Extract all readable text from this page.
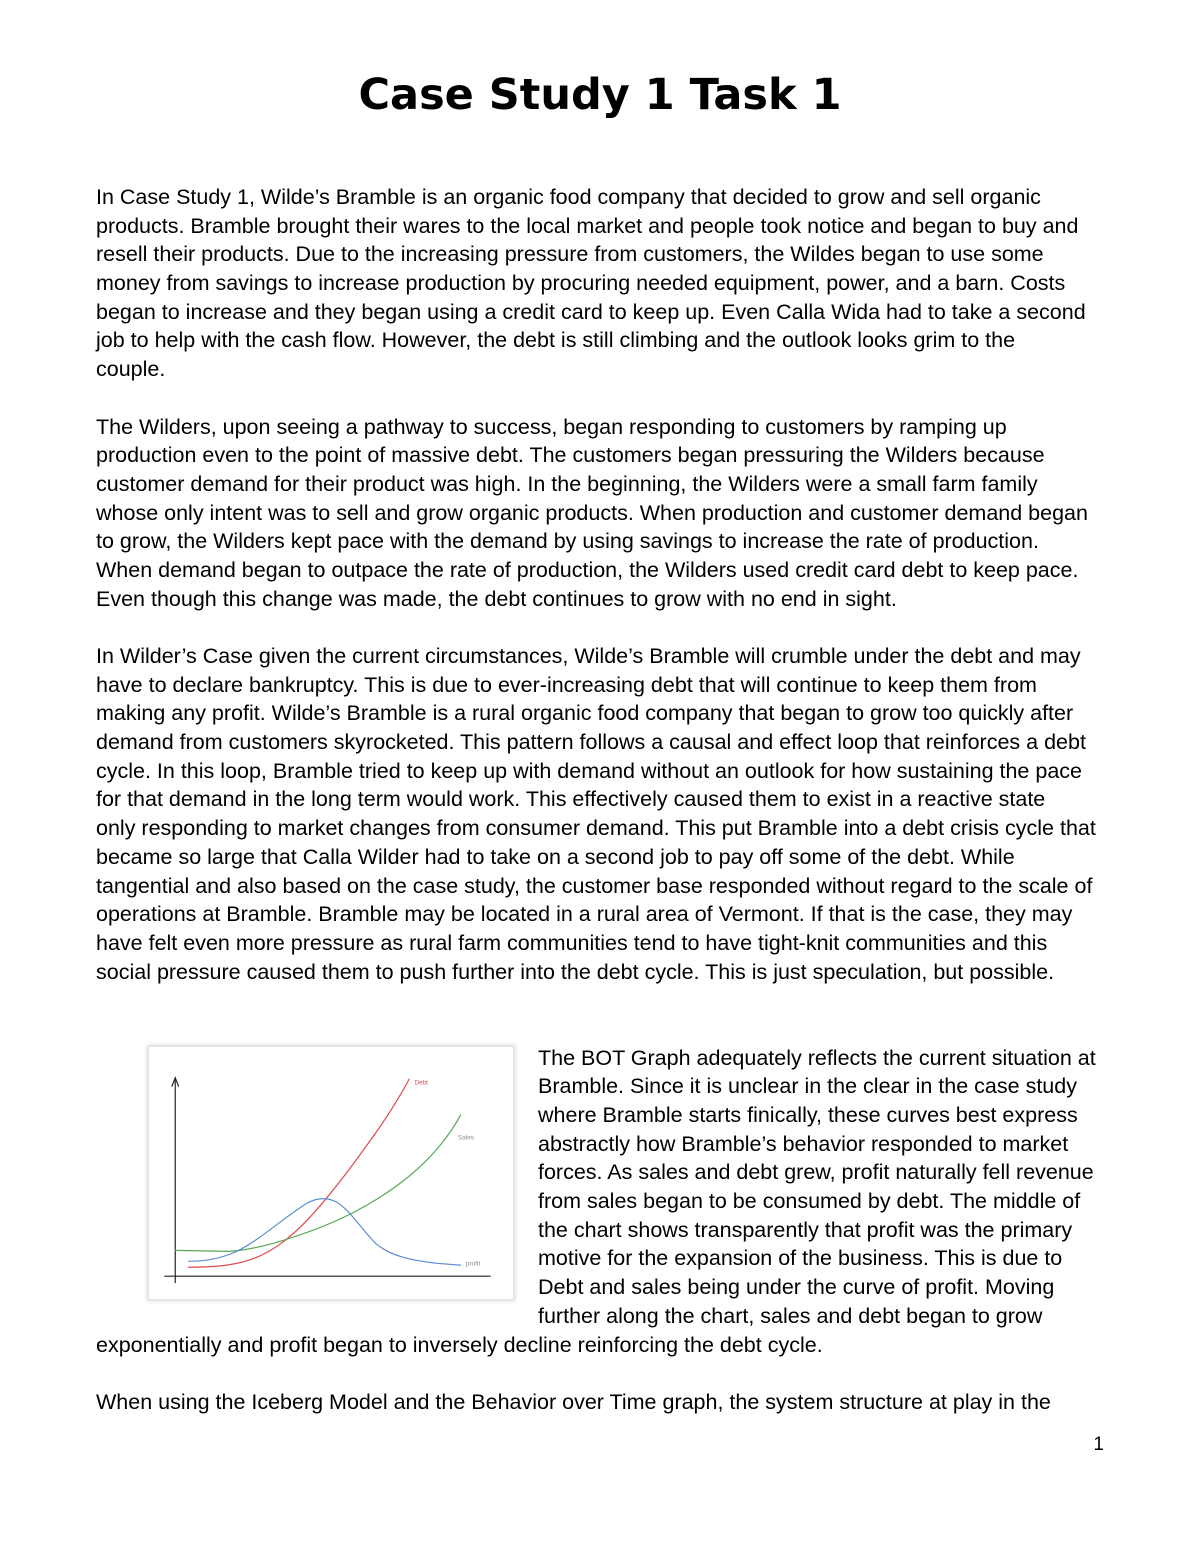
Case Study 1 Task 1
In Case Study 1, Wilde’s Bramble is an organic food company that decided to grow and sell organic
products. Bramble brought their wares to the local market and people took notice and began to buy and
resell their products. Due to the increasing pressure from customers, the Wildes began to use some
money from savings to increase production by procuring needed equipment, power, and a barn. Costs
began to increase and they began using a credit card to keep up. Even Calla Wida had to take a second
job to help with the cash flow. However, the debt is still climbing and the outlook looks grim to the
couple.
The Wilders, upon seeing a pathway to success, began responding to customers by ramping up
production even to the point of massive debt. The customers began pressuring the Wilders because
customer demand for their product was high. In the beginning, the Wilders were a small farm family
whose only intent was to sell and grow organic products. When production and customer demand began
to grow, the Wilders kept pace with the demand by using savings to increase the rate of production.
When demand began to outpace the rate of production, the Wilders used credit card debt to keep pace.
Even though this change was made, the debt continues to grow with no end in sight.
In Wilder’s Case given the current circumstances, Wilde’s Bramble will crumble under the debt and may
have to declare bankruptcy. This is due to ever-increasing debt that will continue to keep them from
making any profit. Wilde’s Bramble is a rural organic food company that began to grow too quickly after
demand from customers skyrocketed. This pattern follows a causal and effect loop that reinforces a debt
cycle. In this loop, Bramble tried to keep up with demand without an outlook for how sustaining the pace
for that demand in the long term would work. This effectively caused them to exist in a reactive state
only responding to market changes from consumer demand. This put Bramble into a debt crisis cycle that
became so large that Calla Wilder had to take on a second job to pay off some of the debt. While
tangential and also based on the case study, the customer base responded without regard to the scale of
operations at Bramble. Bramble may be located in a rural area of Vermont. If that is the case, they may
have felt even more pressure as rural farm communities tend to have tight-knit communities and this
social pressure caused them to push further into the debt cycle. This is just speculation, but possible.
Debt
Sales
profit
The BOT Graph adequately reflects the current situation at
Bramble. Since it is unclear in the clear in the case study
where Bramble starts finically, these curves best express
abstractly how Bramble’s behavior responded to market
forces. As sales and debt grew, profit naturally fell revenue
from sales began to be consumed by debt. The middle of
the chart shows transparently that profit was the primary
motive for the expansion of the business. This is due to
Debt and sales being under the curve of profit. Moving
further along the chart, sales and debt began to grow
exponentially and profit began to inversely decline reinforcing the debt cycle.
When using the Iceberg Model and the Behavior over Time graph, the system structure at play in the
1
